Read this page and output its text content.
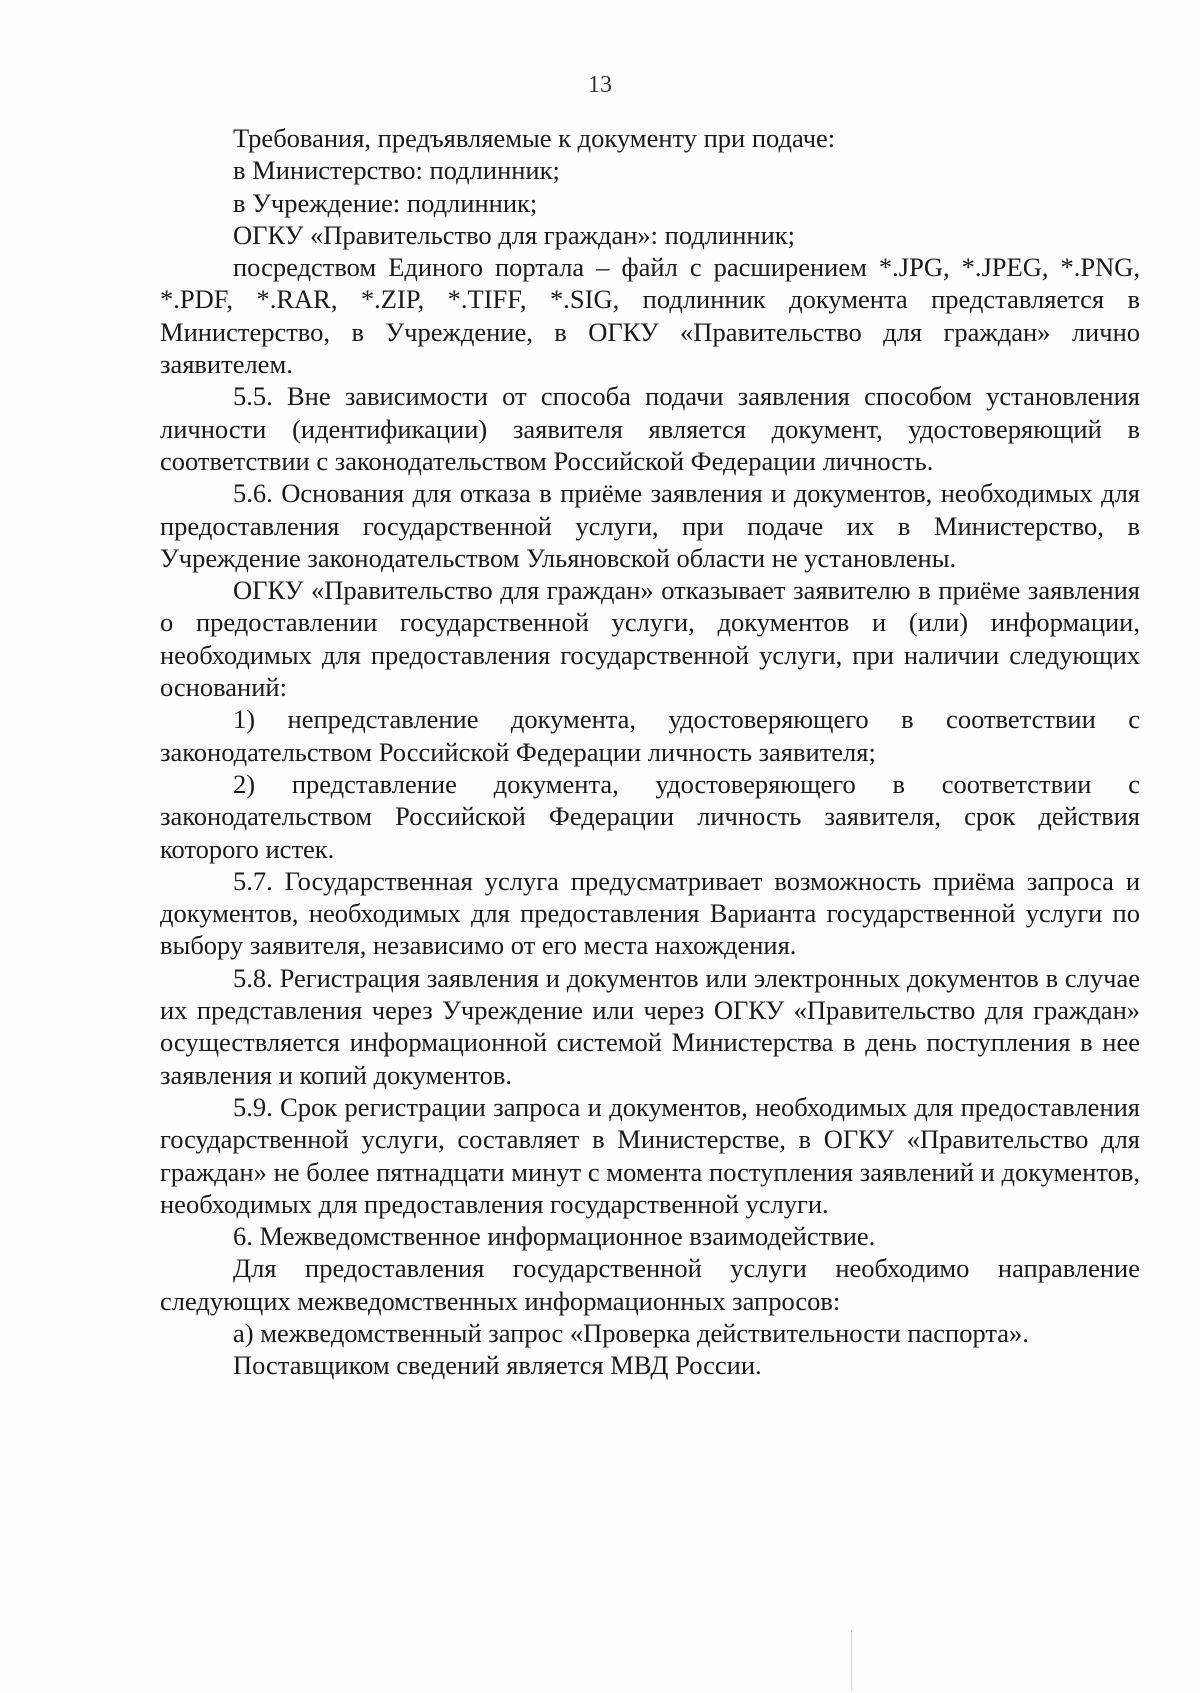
13

Требования, предъявляемые к документу при подаче:

в Министерство: подлинник;

в Учреждение: подлинник;

ОГКУ «Правительство для граждан»: подлинник;

посредством Единого портала – файл с расширением *.JPG, *.JPEG, *.PNG, *.PDF, *.RAR, *.ZIP, *.TIFF, *.SIG, подлинник документа представляется в Министерство, в Учреждение, в ОГКУ «Правительство для граждан» лично заявителем.

5.5. Вне зависимости от способа подачи заявления способом установления личности (идентификации) заявителя является документ, удостоверяющий в соответствии с законодательством Российской Федерации личность.

5.6. Основания для отказа в приёме заявления и документов, необходимых для предоставления государственной услуги, при подаче их в Министерство, в Учреждение законодательством Ульяновской области не установлены.

ОГКУ «Правительство для граждан» отказывает заявителю в приёме заявления о предоставлении государственной услуги, документов и (или) информации, необходимых для предоставления государственной услуги, при наличии следующих оснований:

1) непредставление документа, удостоверяющего в соответствии с законодательством Российской Федерации личность заявителя;

2) представление документа, удостоверяющего в соответствии с законодательством Российской Федерации личность заявителя, срок действия которого истек.

5.7. Государственная услуга предусматривает возможность приёма запроса и документов, необходимых для предоставления Варианта государственной услуги по выбору заявителя, независимо от его места нахождения.

5.8. Регистрация заявления и документов или электронных документов в случае их представления через Учреждение или через ОГКУ «Правительство для граждан» осуществляется информационной системой Министерства в день поступления в нее заявления и копий документов.

5.9. Срок регистрации запроса и документов, необходимых для предоставления государственной услуги, составляет в Министерстве, в ОГКУ «Правительство для граждан» не более пятнадцати минут с момента поступления заявлений и документов, необходимых для предоставления государственной услуги.

6. Межведомственное информационное взаимодействие.

Для предоставления государственной услуги необходимо направление следующих межведомственных информационных запросов:

а) межведомственный запрос «Проверка действительности паспорта».

Поставщиком сведений является МВД России.
